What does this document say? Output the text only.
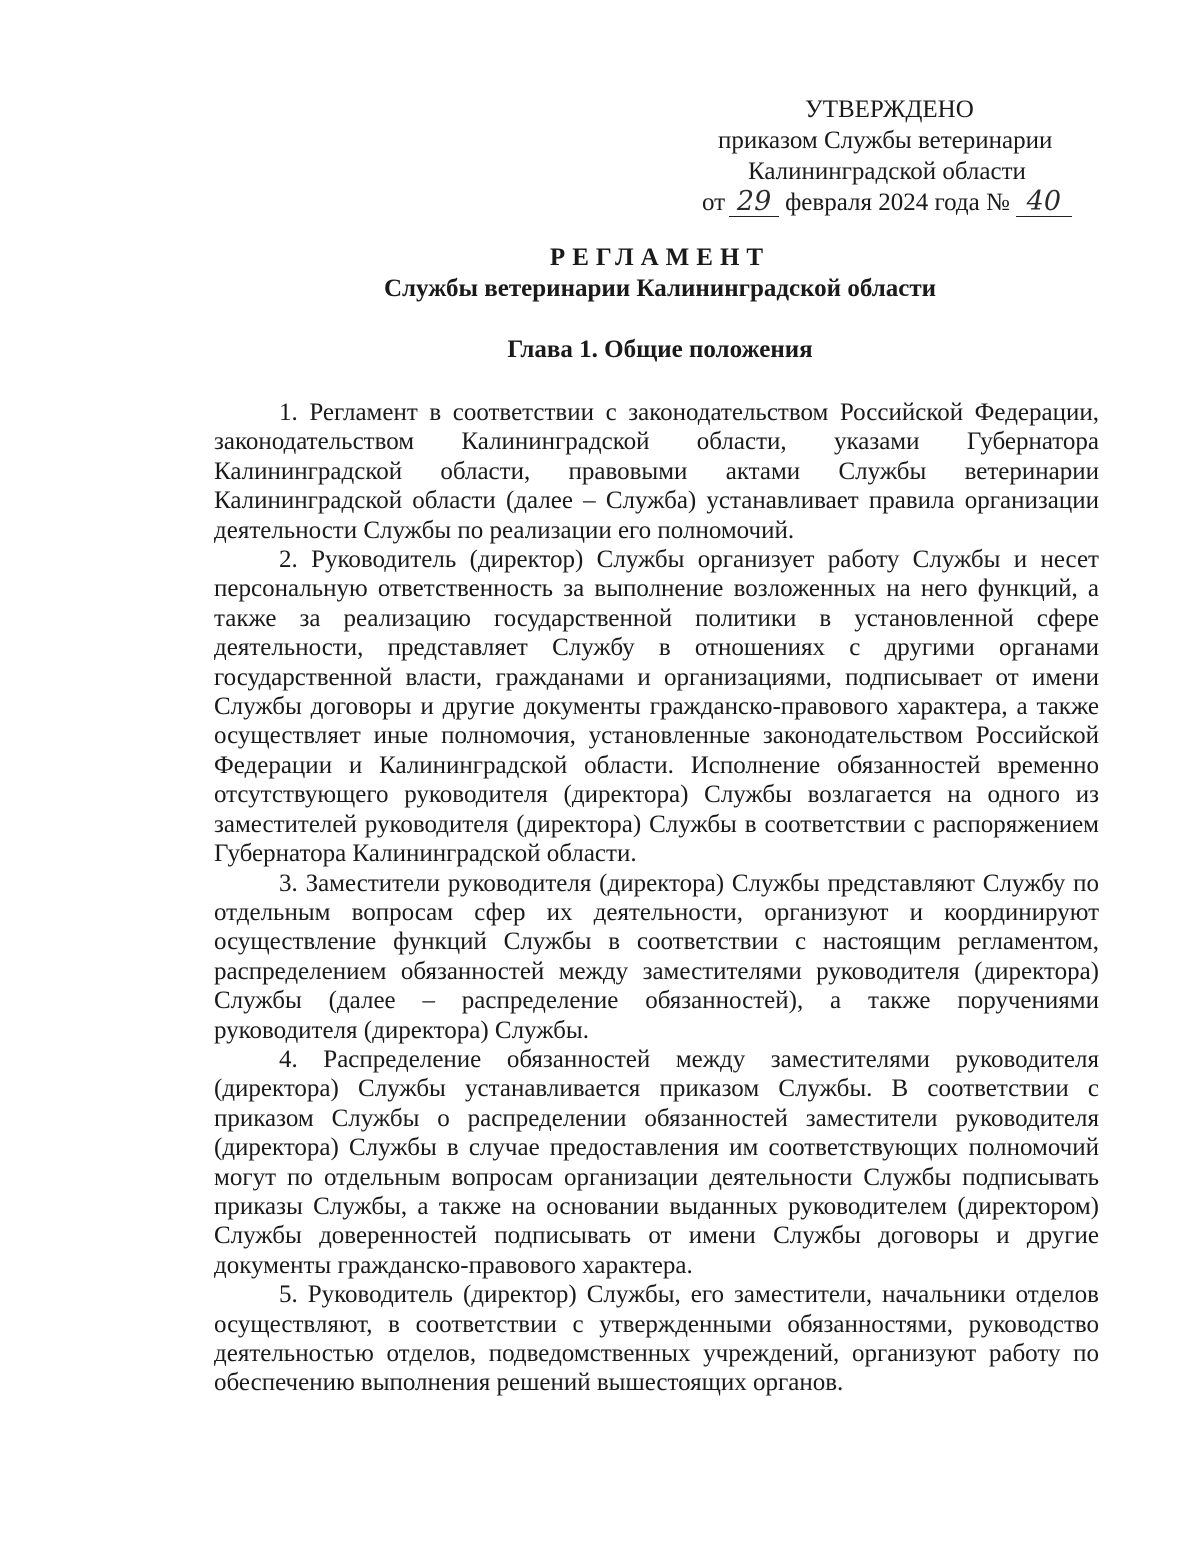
УТВЕРЖДЕНО
приказом Службы ветеринарии
Калининградской области
от 29 февраля 2024 года № 40
РЕГЛАМЕНТ
Службы ветеринарии Калининградской области
Глава 1. Общие положения

1. Регламент в соответствии с законодательством Российской Федерации, законодательством Калининградской области, указами Губернатора Калининградской области, правовыми актами Службы ветеринарии Калининградской области (далее – Служба) устанавливает правила организации деятельности Службы по реализации его полномочий.

2. Руководитель (директор) Службы организует работу Службы и несет персональную ответственность за выполнение возложенных на него функций, а также за реализацию государственной политики в установленной сфере деятельности, представляет Службу в отношениях с другими органами государственной власти, гражданами и организациями, подписывает от имени Службы договоры и другие документы гражданско-правового характера, а также осуществляет иные полномочия, установленные законодательством Российской Федерации и Калининградской области. Исполнение обязанностей временно отсутствующего руководителя (директора) Службы возлагается на одного из заместителей руководителя (директора) Службы в соответствии с распоряжением Губернатора Калининградской области.

3. Заместители руководителя (директора) Службы представляют Службу по отдельным вопросам сфер их деятельности, организуют и координируют осуществление функций Службы в соответствии с настоящим регламентом, распределением обязанностей между заместителями руководителя (директора) Службы (далее – распределение обязанностей), а также поручениями руководителя (директора) Службы.

4. Распределение обязанностей между заместителями руководителя (директора) Службы устанавливается приказом Службы. В соответствии с приказом Службы о распределении обязанностей заместители руководителя (директора) Службы в случае предоставления им соответствующих полномочий могут по отдельным вопросам организации деятельности Службы подписывать приказы Службы, а также на основании выданных руководителем (директором) Службы доверенностей подписывать от имени Службы договоры и другие документы гражданско-правового характера.

5. Руководитель (директор) Службы, его заместители, начальники отделов осуществляют, в соответствии с утвержденными обязанностями, руководство деятельностью отделов, подведомственных учреждений, организуют работу по обеспечению выполнения решений вышестоящих органов.
